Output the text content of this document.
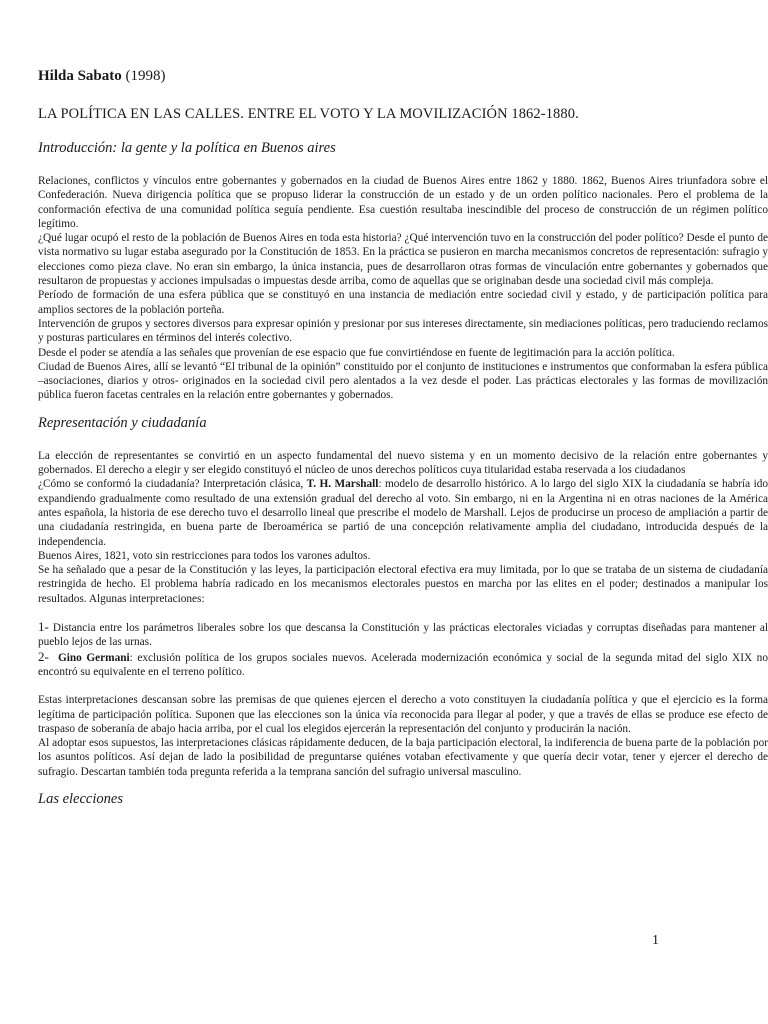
Hilda Sabato (1998)
LA POLÍTICA EN LAS CALLES. ENTRE EL VOTO Y LA MOVILIZACIÓN 1862-1880.
Introducción: la gente y la política en Buenos aires

Relaciones, conflictos y vínculos entre gobernantes y gobernados en la ciudad de Buenos Aires entre 1862 y 1880. 1862, Buenos Aires triunfadora sobre el Confederación. Nueva dirigencia política que se propuso liderar la construcción de un estado y de un orden político nacionales. Pero el problema de la conformación efectiva de una comunidad política seguía pendiente. Esa cuestión resultaba inescindible del proceso de construcción de un régimen político legítimo.

¿Qué lugar ocupó el resto de la población de Buenos Aires en toda esta historia? ¿Qué intervención tuvo en la construcción del poder político? Desde el punto de vista normativo su lugar estaba asegurado por la Constitución de 1853. En la práctica se pusieron en marcha mecanismos concretos de representación: sufragio y elecciones como pieza clave. No eran sin embargo, la única instancia, pues de desarrollaron otras formas de vinculación entre gobernantes y gobernados que resultaron de propuestas y acciones impulsadas o impuestas desde arriba, como de aquellas que se originaban desde una sociedad civil más compleja.

Período de formación de una esfera pública que se constituyó en una instancia de mediación entre sociedad civil y estado, y de participación política para amplios sectores de la población porteña.

Intervención de grupos y sectores diversos para expresar opinión y presionar por sus intereses directamente, sin mediaciones políticas, pero traduciendo reclamos y posturas particulares en términos del interés colectivo.

Desde el poder se atendía a las señales que provenían de ese espacio que fue convirtiéndose en fuente de legitimación para la acción política.

Ciudad de Buenos Aires, allí se levantó “El tribunal de la opinión” constituido por el conjunto de instituciones e instrumentos que conformaban la esfera pública –asociaciones, diarios y otros- originados en la sociedad civil pero alentados a la vez desde el poder. Las prácticas electorales y las formas de movilización pública fueron facetas centrales en la relación entre gobernantes y gobernados.

Representación y ciudadanía

La elección de representantes se convirtió en un aspecto fundamental del nuevo sistema y en un momento decisivo de la relación entre gobernantes y gobernados. El derecho a elegir y ser elegido constituyó el núcleo de unos derechos políticos cuya titularidad estaba reservada a los ciudadanos

¿Cómo se conformó la ciudadanía? Interpretación clásica, T. H. Marshall: modelo de desarrollo histórico. A lo largo del siglo XIX la ciudadanía se habría ido expandiendo gradualmente como resultado de una extensión gradual del derecho al voto. Sin embargo, ni en la Argentina ni en otras naciones de la América antes española, la historia de ese derecho tuvo el desarrollo lineal que prescribe el modelo de Marshall. Lejos de producirse un proceso de ampliación a partir de una ciudadanía restringida, en buena parte de Iberoamérica se partió de una concepción relativamente amplia del ciudadano, introducida después de la independencia.

Buenos Aires, 1821, voto sin restricciones para todos los varones adultos.

Se ha señalado que a pesar de la Constitución y las leyes, la participación electoral efectiva era muy limitada, por lo que se trataba de un sistema de ciudadanía restringida de hecho. El problema habría radicado en los mecanismos electorales puestos en marcha por las elites en el poder; destinados a manipular los resultados. Algunas interpretaciones:

1- Distancia entre los parámetros liberales sobre los que descansa la Constitución y las prácticas electorales viciadas y corruptas diseñadas para mantener al pueblo lejos de las urnas.
2- Gino Germani: exclusión política de los grupos sociales nuevos. Acelerada modernización económica y social de la segunda mitad del siglo XIX no encontró su equivalente en el terreno político.

Estas interpretaciones descansan sobre las premisas de que quienes ejercen el derecho a voto constituyen la ciudadanía política y que el ejercicio es la forma legítima de participación política. Suponen que las elecciones son la única vía reconocida para llegar al poder, y que a través de ellas se produce ese efecto de traspaso de soberanía de abajo hacia arriba, por el cual los elegidos ejercerán la representación del conjunto y producirán la nación.

Al adoptar esos supuestos, las interpretaciones clásicas rápidamente deducen, de la baja participación electoral, la indiferencia de buena parte de la población por los asuntos políticos. Así dejan de lado la posibilidad de preguntarse quiénes votaban efectivamente y que quería decir votar, tener y ejercer el derecho de sufragio. Descartan también toda pregunta referida a la temprana sanción del sufragio universal masculino.

Las elecciones
1
